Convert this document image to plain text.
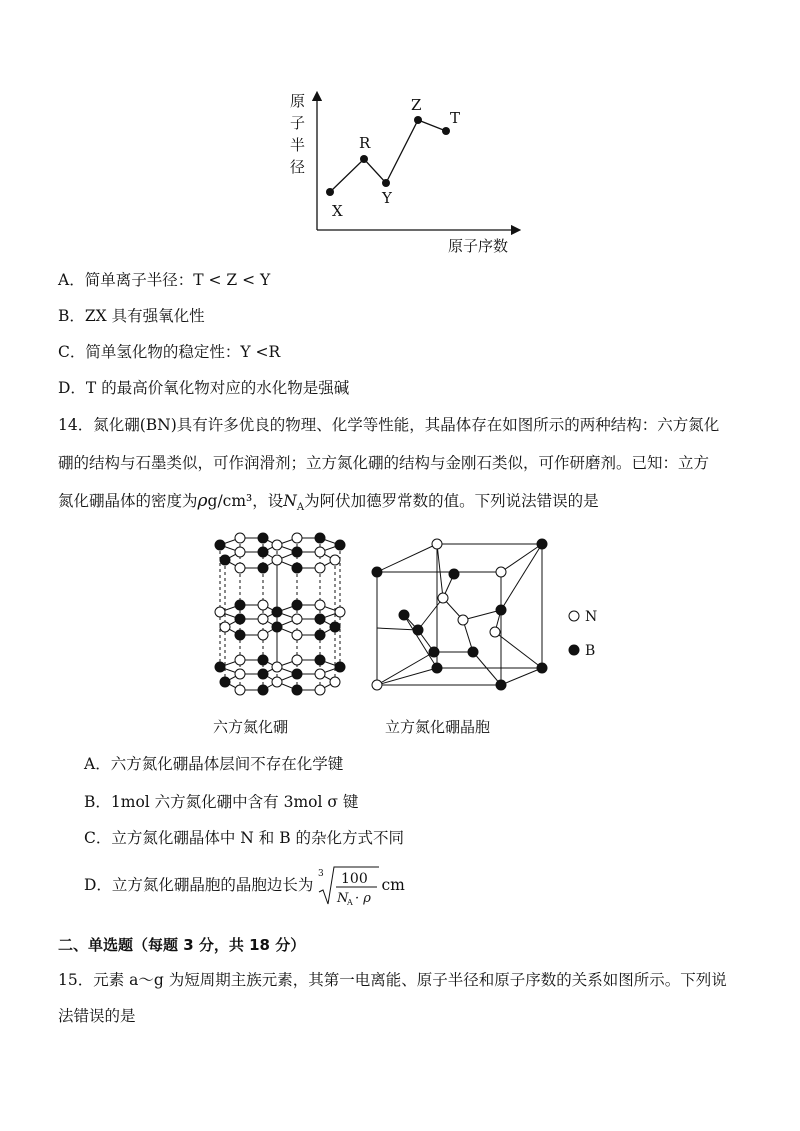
原
子
半
径
原子序数
X
R
Y
Z
T
A．简单离子半径：T < Z < Y
B．ZX 具有强氧化性
C．简单氢化物的稳定性：Y <R
D．T 的最高价氧化物对应的水化物是强碱
14．氮化硼(BN)具有许多优良的物理、化学等性能，其晶体存在如图所示的两种结构：六方氮化
硼的结构与石墨类似，可作润滑剂；立方氮化硼的结构与金刚石类似，可作研磨剂。已知：立方
氮化硼晶体的密度为ρg/cm³，设$N_A$为阿伏加德罗常数的值。下列说法错误的是
N
B
六方氮化硼	立方氮化硼晶胞
A．六方氮化硼晶体层间不存在化学键
B．1mol 六方氮化硼中含有 3mol σ 键
C．立方氮化硼晶体中 N 和 B 的杂化方式不同
D．立方氮化硼晶胞的晶胞边长为
3 100
N
A · ρ
cm
二、单选题（每题 3 分，共 18 分）
15．元素 a～g 为短周期主族元素，其第一电离能、原子半径和原子序数的关系如图所示。下列说
法错误的是
